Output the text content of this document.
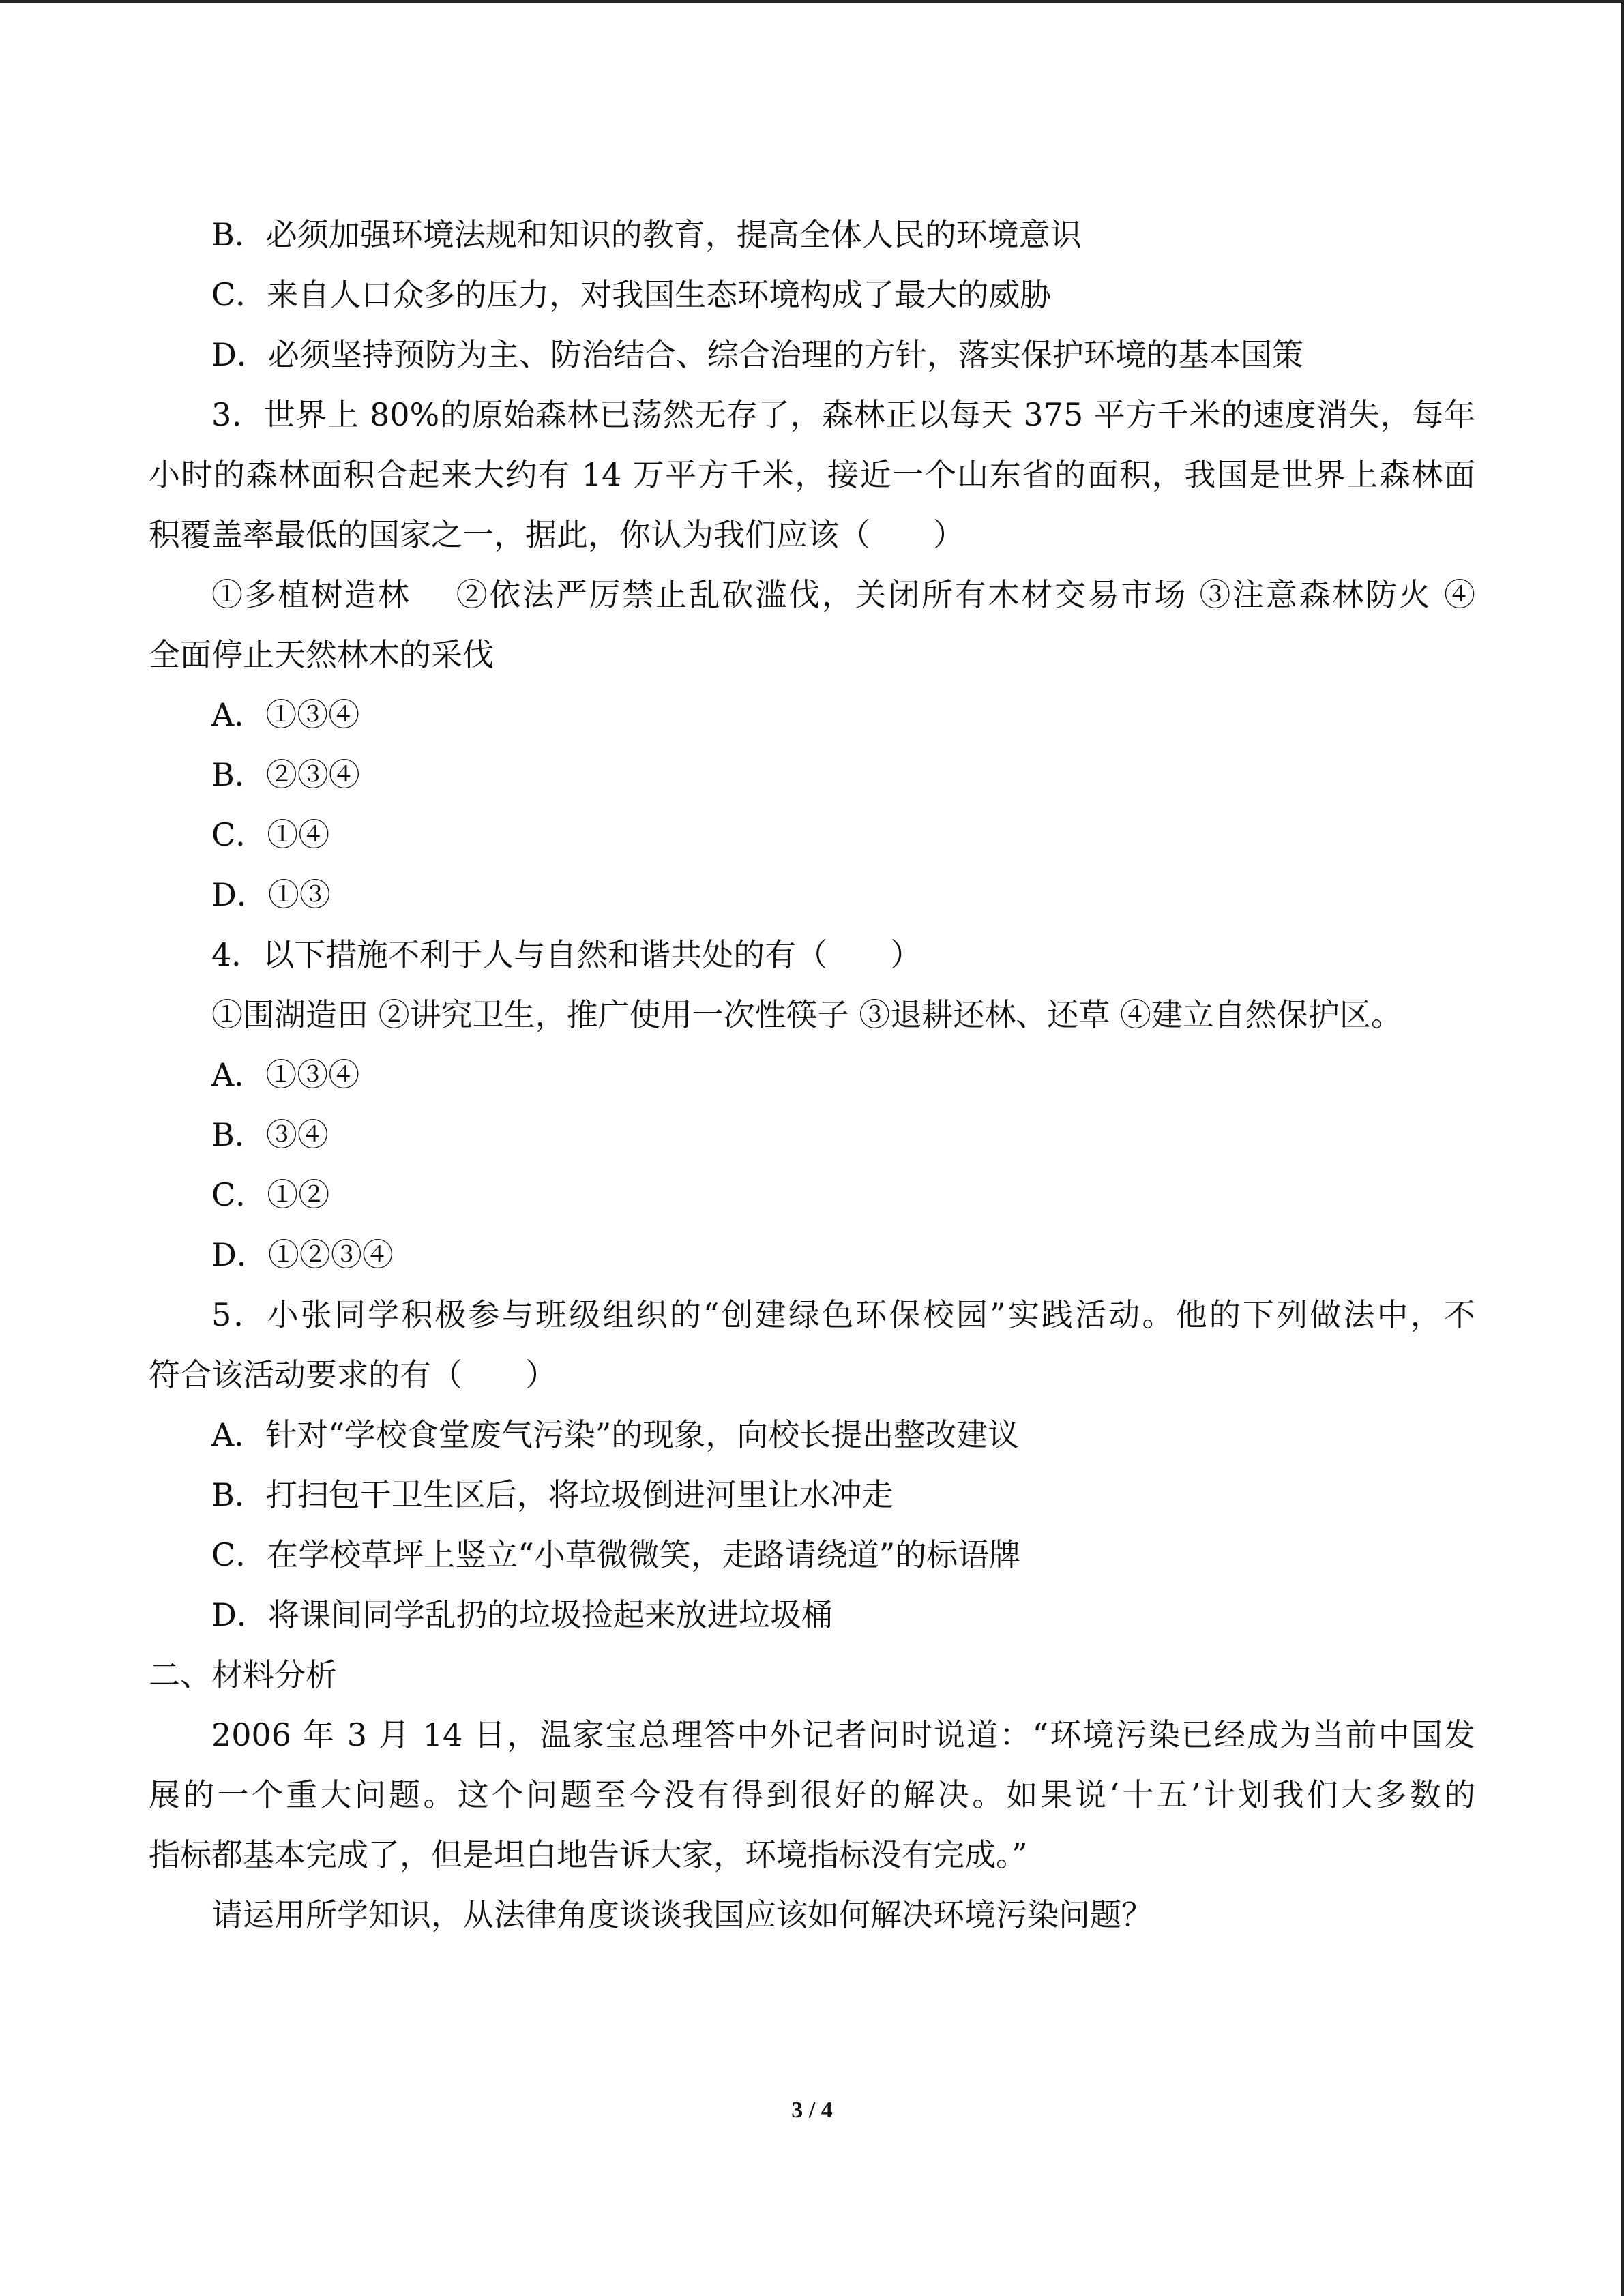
B．必须加强环境法规和知识的教育，提高全体人民的环境意识
C．来自人口众多的压力，对我国生态环境构成了最大的威胁
D．必须坚持预防为主、防治结合、综合治理的方针，落实保护环境的基本国策
3．世界上 80%的原始森林已荡然无存了，森林正以每天 375 平方千米的速度消失，每年
小时的森林面积合起来大约有 14 万平方千米，接近一个山东省的面积，我国是世界上森林面
积覆盖率最低的国家之一，据此，你认为我们应该（　　）
①多植树造林　 ②依法严厉禁止乱砍滥伐，关闭所有木材交易市场 ③注意森林防火 ④
全面停止天然林木的采伐
A．①③④
B．②③④
C．①④
D．①③
4．以下措施不利于人与自然和谐共处的有（　　）
①围湖造田 ②讲究卫生，推广使用一次性筷子 ③退耕还林、还草 ④建立自然保护区。
A．①③④
B．③④
C．①②
D．①②③④
5．小张同学积极参与班级组织的“创建绿色环保校园”实践活动。他的下列做法中，不
符合该活动要求的有（　　）
A．针对“学校食堂废气污染”的现象，向校长提出整改建议
B．打扫包干卫生区后，将垃圾倒进河里让水冲走
C．在学校草坪上竖立“小草微微笑，走路请绕道”的标语牌
D．将课间同学乱扔的垃圾捡起来放进垃圾桶
二、材料分析
2006 年 3 月 14 日，温家宝总理答中外记者问时说道：“环境污染已经成为当前中国发
展的一个重大问题。这个问题至今没有得到很好的解决。如果说‘十五’计划我们大多数的
指标都基本完成了，但是坦白地告诉大家，环境指标没有完成。”
请运用所学知识，从法律角度谈谈我国应该如何解决环境污染问题？
3 / 4
